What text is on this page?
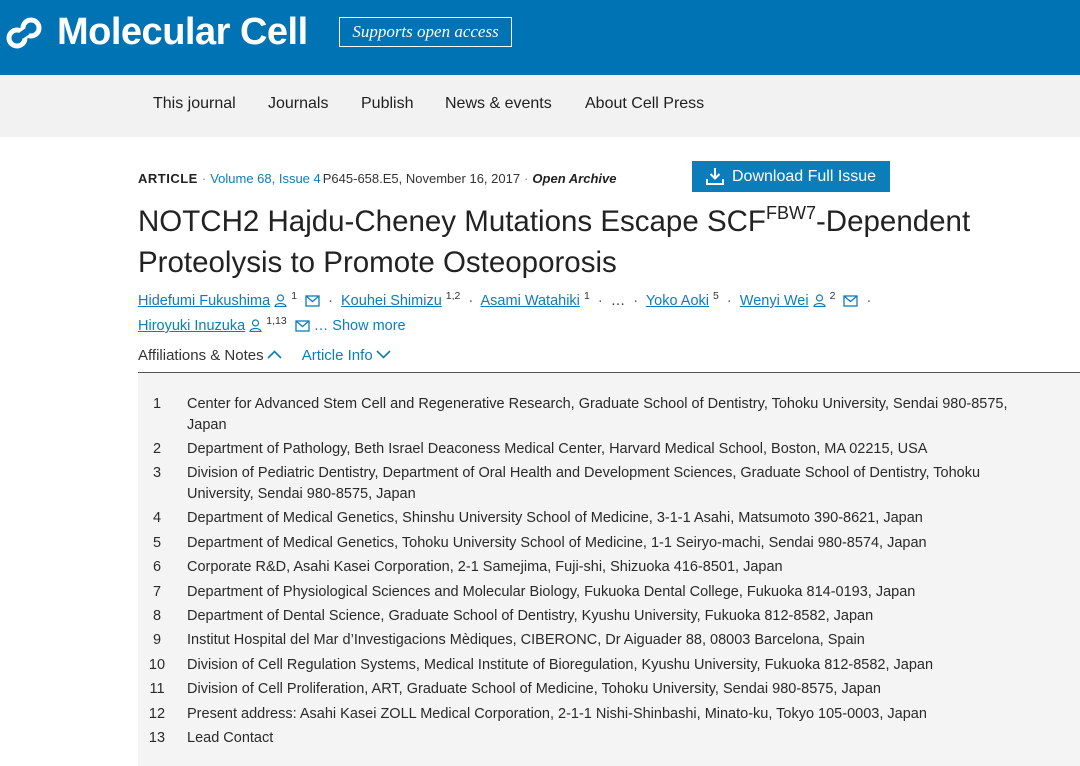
Molecular Cell	Supports open access
This journal Journals Publish News & events About Cell Press
ARTICLE · Volume 68, Issue 4 P645-658.E5, November 16, 2017 · Open Archive	Download Full Issue
NOTCH2 Hajdu-Cheney Mutations Escape $SCF^{FBW7}$-Dependent
Proteolysis to Promote Osteoporosis
Hidefumi Fukushima $^1$ · Kouhei Shimizu $^{1,2}$ · Asami Watahiki $^1$ · … · Yoko Aoki $^5$ · Wenyi Wei $^2$ ·
Hiroyuki Inuzuka $^{1,13}$ … Show more
Affiliations & Notes	Article Info
1	Center for Advanced Stem Cell and Regenerative Research, Graduate School of Dentistry, Tohoku University, Sendai 980-8575, Japan
2	Department of Pathology, Beth Israel Deaconess Medical Center, Harvard Medical School, Boston, MA 02215, USA
3	Division of Pediatric Dentistry, Department of Oral Health and Development Sciences, Graduate School of Dentistry, Tohoku University, Sendai 980-8575, Japan
4	Department of Medical Genetics, Shinshu University School of Medicine, 3-1-1 Asahi, Matsumoto 390-8621, Japan
5	Department of Medical Genetics, Tohoku University School of Medicine, 1-1 Seiryo-machi, Sendai 980-8574, Japan
6	Corporate R&D, Asahi Kasei Corporation, 2-1 Samejima, Fuji-shi, Shizuoka 416-8501, Japan
7	Department of Physiological Sciences and Molecular Biology, Fukuoka Dental College, Fukuoka 814-0193, Japan
8	Department of Dental Science, Graduate School of Dentistry, Kyushu University, Fukuoka 812-8582, Japan
9	Institut Hospital del Mar d’Investigacions Mèdiques, CIBERONC, Dr Aiguader 88, 08003 Barcelona, Spain
10	Division of Cell Regulation Systems, Medical Institute of Bioregulation, Kyushu University, Fukuoka 812-8582, Japan
11	Division of Cell Proliferation, ART, Graduate School of Medicine, Tohoku University, Sendai 980-8575, Japan
12	Present address: Asahi Kasei ZOLL Medical Corporation, 2-1-1 Nishi-Shinbashi, Minato-ku, Tokyo 105-0003, Japan
13	Lead Contact
